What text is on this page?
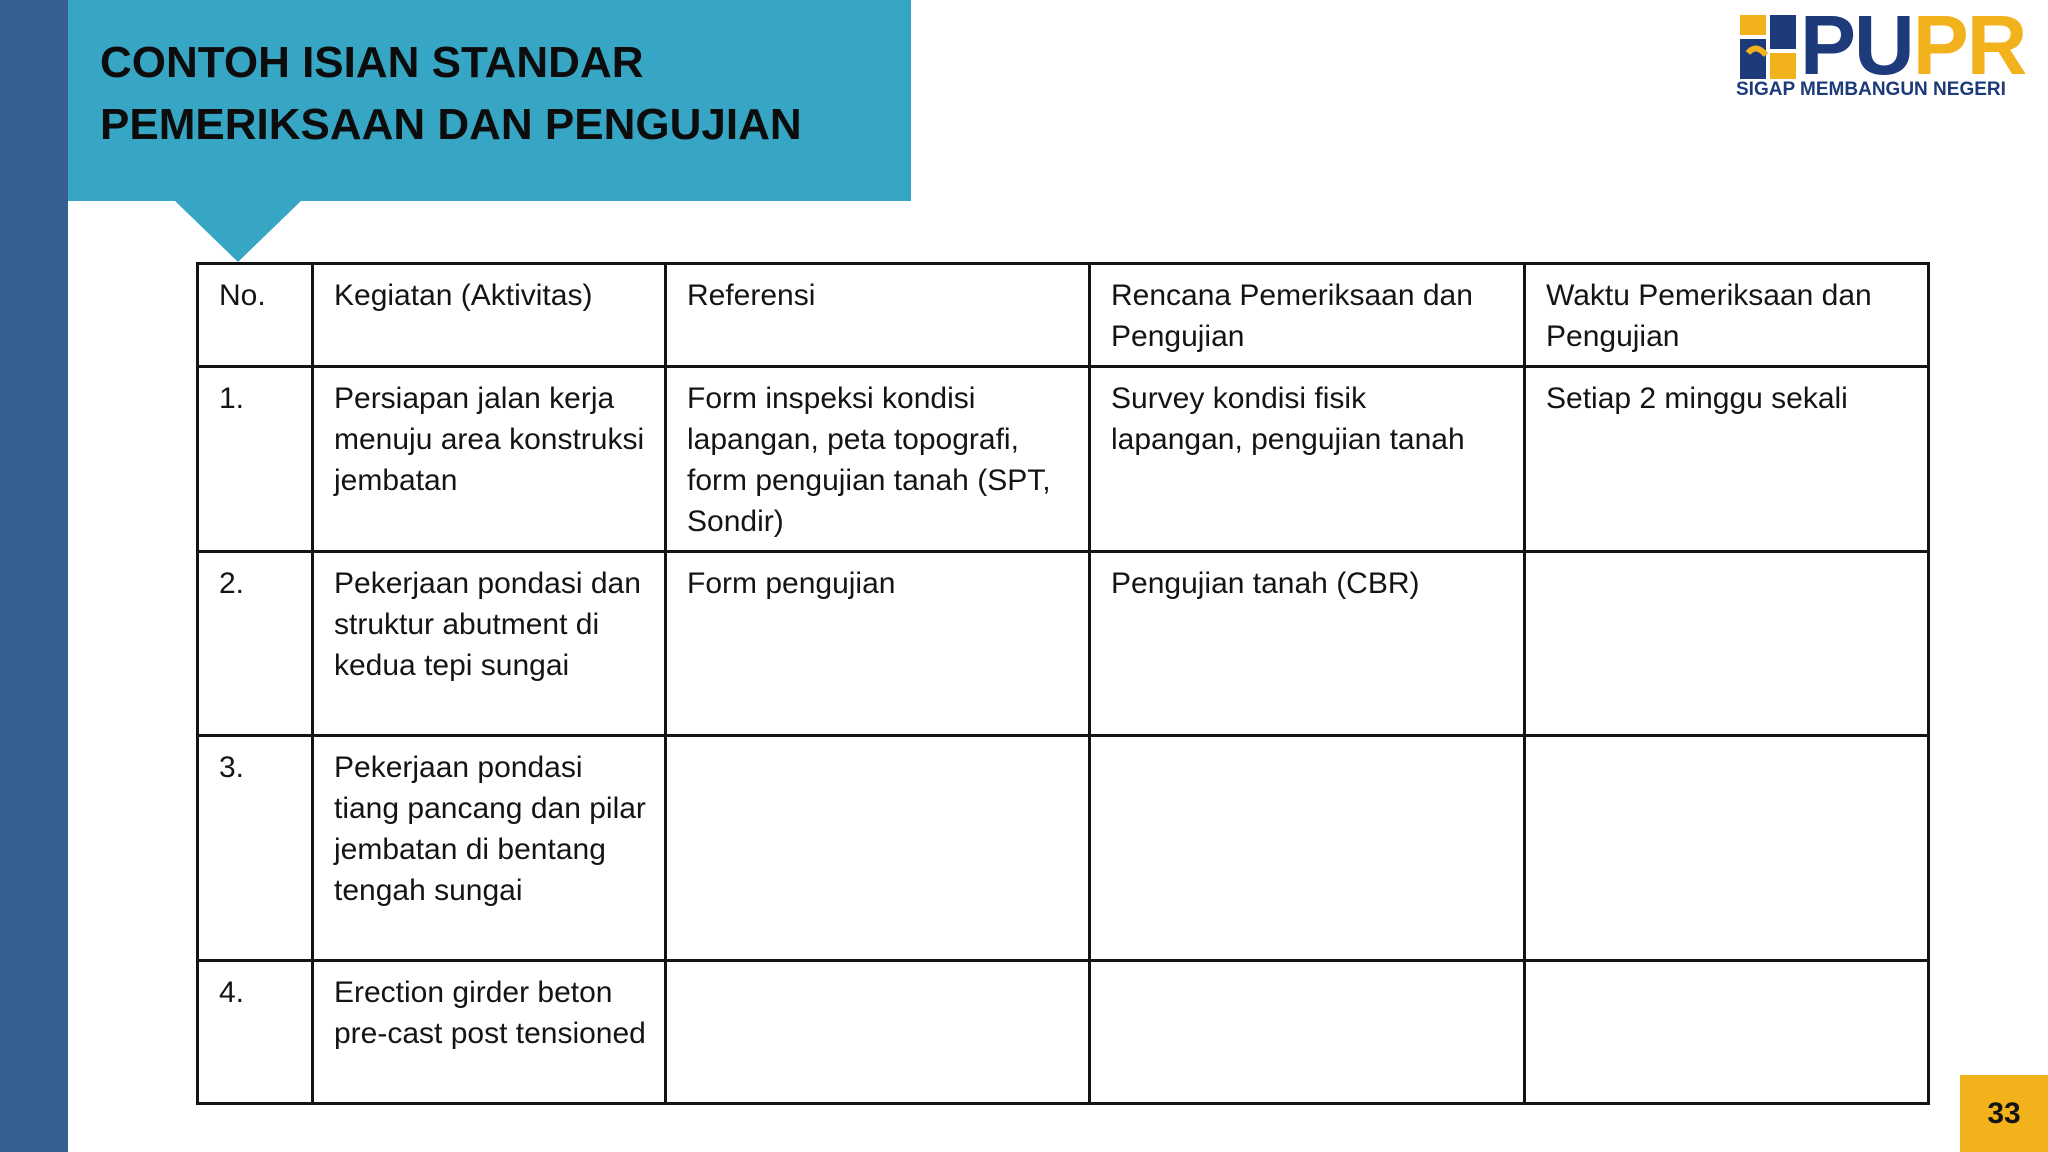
CONTOH ISIAN STANDAR
PEMERIKSAAN DAN PENGUJIAN
PUPR
SIGAP MEMBANGUN NEGERI
No.	Kegiatan (Aktivitas)	Referensi	Rencana Pemeriksaan dan Pengujian	Waktu Pemeriksaan dan Pengujian
1.	Persiapan jalan kerja menuju area konstruksi jembatan	Form inspeksi kondisi lapangan, peta topografi, form pengujian tanah (SPT, Sondir)	Survey kondisi fisik lapangan, pengujian tanah	Setiap 2 minggu sekali
2.	Pekerjaan pondasi dan struktur abutment di kedua tepi sungai	Form pengujian	Pengujian tanah (CBR)	
3.	Pekerjaan pondasi tiang pancang dan pilar jembatan di bentang tengah sungai			
4.	Erection girder beton pre-cast post tensioned			
33
